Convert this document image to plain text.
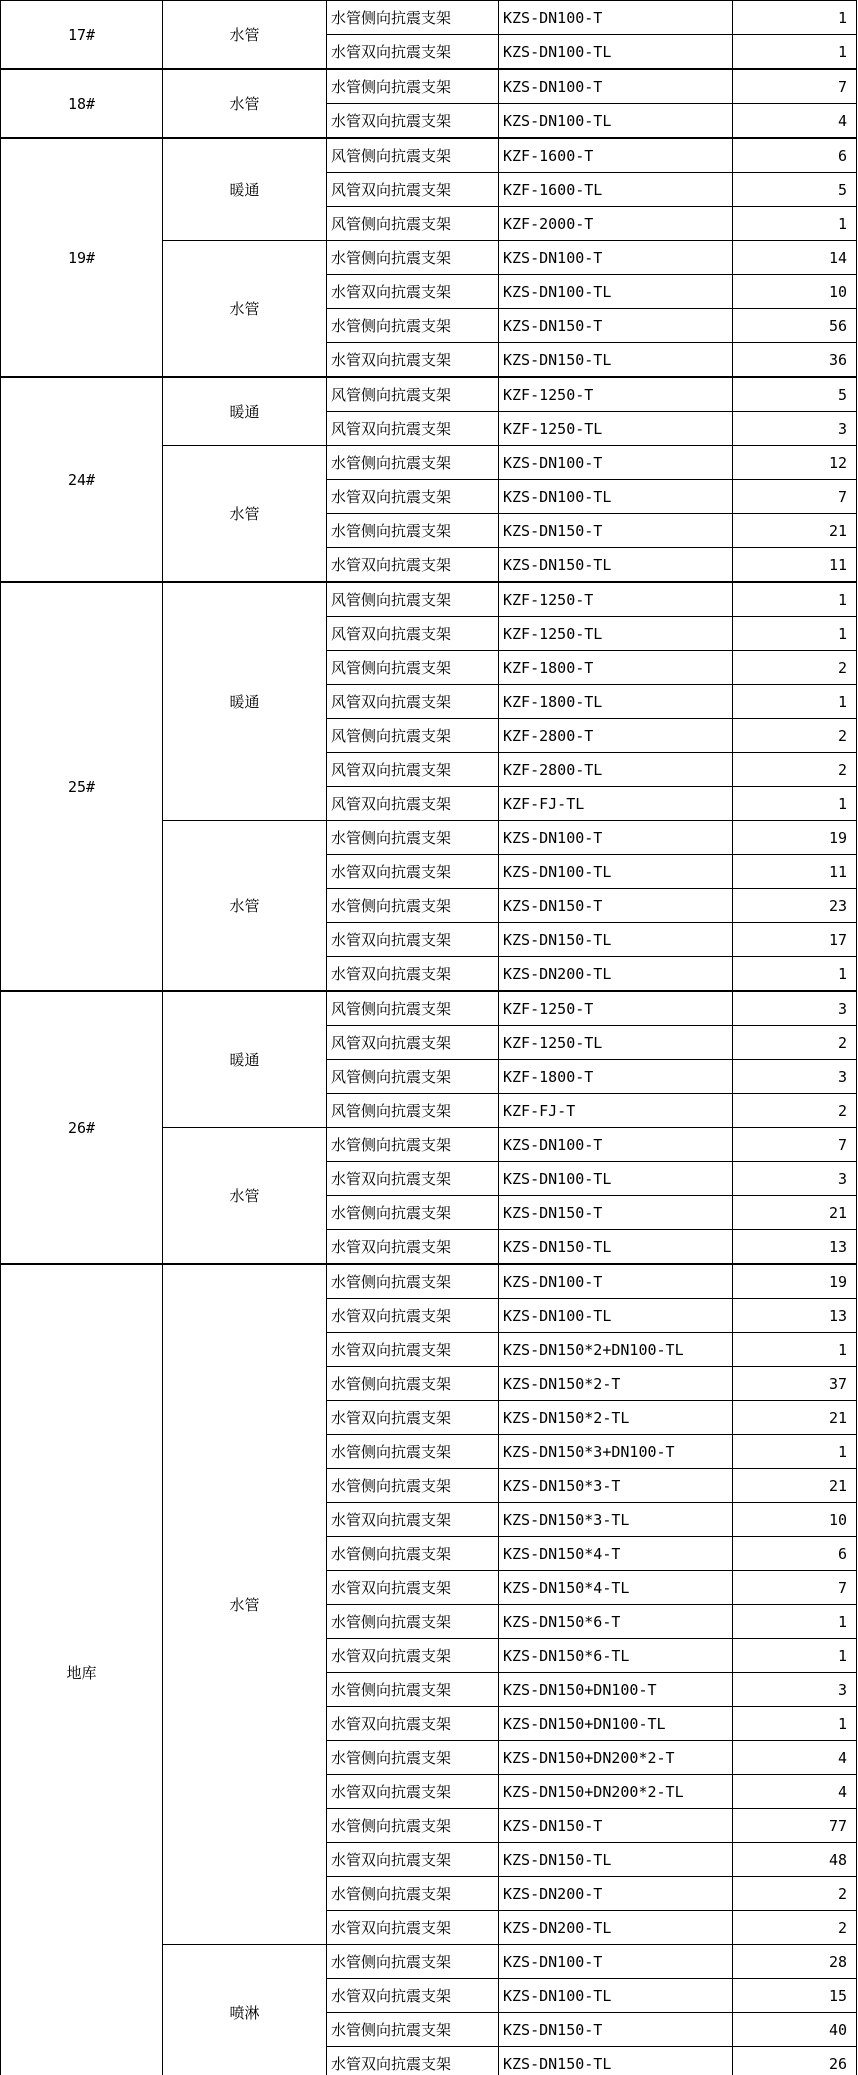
17#	水管	水管侧向抗震支架	KZS-DN100-T	1
		水管双向抗震支架	KZS-DN100-TL	1
18#	水管	水管侧向抗震支架	KZS-DN100-T	7
		水管双向抗震支架	KZS-DN100-TL	4
19#	暖通	风管侧向抗震支架	KZF-1600-T	6
		风管双向抗震支架	KZF-1600-TL	5
		风管侧向抗震支架	KZF-2000-T	1
	水管	水管侧向抗震支架	KZS-DN100-T	14
		水管双向抗震支架	KZS-DN100-TL	10
		水管侧向抗震支架	KZS-DN150-T	56
		水管双向抗震支架	KZS-DN150-TL	36
24#	暖通	风管侧向抗震支架	KZF-1250-T	5
		风管双向抗震支架	KZF-1250-TL	3
	水管	水管侧向抗震支架	KZS-DN100-T	12
		水管双向抗震支架	KZS-DN100-TL	7
		水管侧向抗震支架	KZS-DN150-T	21
		水管双向抗震支架	KZS-DN150-TL	11
25#	暖通	风管侧向抗震支架	KZF-1250-T	1
		风管双向抗震支架	KZF-1250-TL	1
		风管侧向抗震支架	KZF-1800-T	2
		风管双向抗震支架	KZF-1800-TL	1
		风管侧向抗震支架	KZF-2800-T	2
		风管双向抗震支架	KZF-2800-TL	2
		风管双向抗震支架	KZF-FJ-TL	1
	水管	水管侧向抗震支架	KZS-DN100-T	19
		水管双向抗震支架	KZS-DN100-TL	11
		水管侧向抗震支架	KZS-DN150-T	23
		水管双向抗震支架	KZS-DN150-TL	17
		水管双向抗震支架	KZS-DN200-TL	1
26#	暖通	风管侧向抗震支架	KZF-1250-T	3
		风管双向抗震支架	KZF-1250-TL	2
		风管侧向抗震支架	KZF-1800-T	3
		风管侧向抗震支架	KZF-FJ-T	2
	水管	水管侧向抗震支架	KZS-DN100-T	7
		水管双向抗震支架	KZS-DN100-TL	3
		水管侧向抗震支架	KZS-DN150-T	21
		水管双向抗震支架	KZS-DN150-TL	13
地库	水管	水管侧向抗震支架	KZS-DN100-T	19
		水管双向抗震支架	KZS-DN100-TL	13
		水管双向抗震支架	KZS-DN150*2+DN100-TL	1
		水管侧向抗震支架	KZS-DN150*2-T	37
		水管双向抗震支架	KZS-DN150*2-TL	21
		水管侧向抗震支架	KZS-DN150*3+DN100-T	1
		水管侧向抗震支架	KZS-DN150*3-T	21
		水管双向抗震支架	KZS-DN150*3-TL	10
		水管侧向抗震支架	KZS-DN150*4-T	6
		水管双向抗震支架	KZS-DN150*4-TL	7
		水管侧向抗震支架	KZS-DN150*6-T	1
		水管双向抗震支架	KZS-DN150*6-TL	1
		水管侧向抗震支架	KZS-DN150+DN100-T	3
		水管双向抗震支架	KZS-DN150+DN100-TL	1
		水管侧向抗震支架	KZS-DN150+DN200*2-T	4
		水管双向抗震支架	KZS-DN150+DN200*2-TL	4
		水管侧向抗震支架	KZS-DN150-T	77
		水管双向抗震支架	KZS-DN150-TL	48
		水管侧向抗震支架	KZS-DN200-T	2
		水管双向抗震支架	KZS-DN200-TL	2
	喷淋	水管侧向抗震支架	KZS-DN100-T	28
		水管双向抗震支架	KZS-DN100-TL	15
		水管侧向抗震支架	KZS-DN150-T	40
		水管双向抗震支架	KZS-DN150-TL	26
